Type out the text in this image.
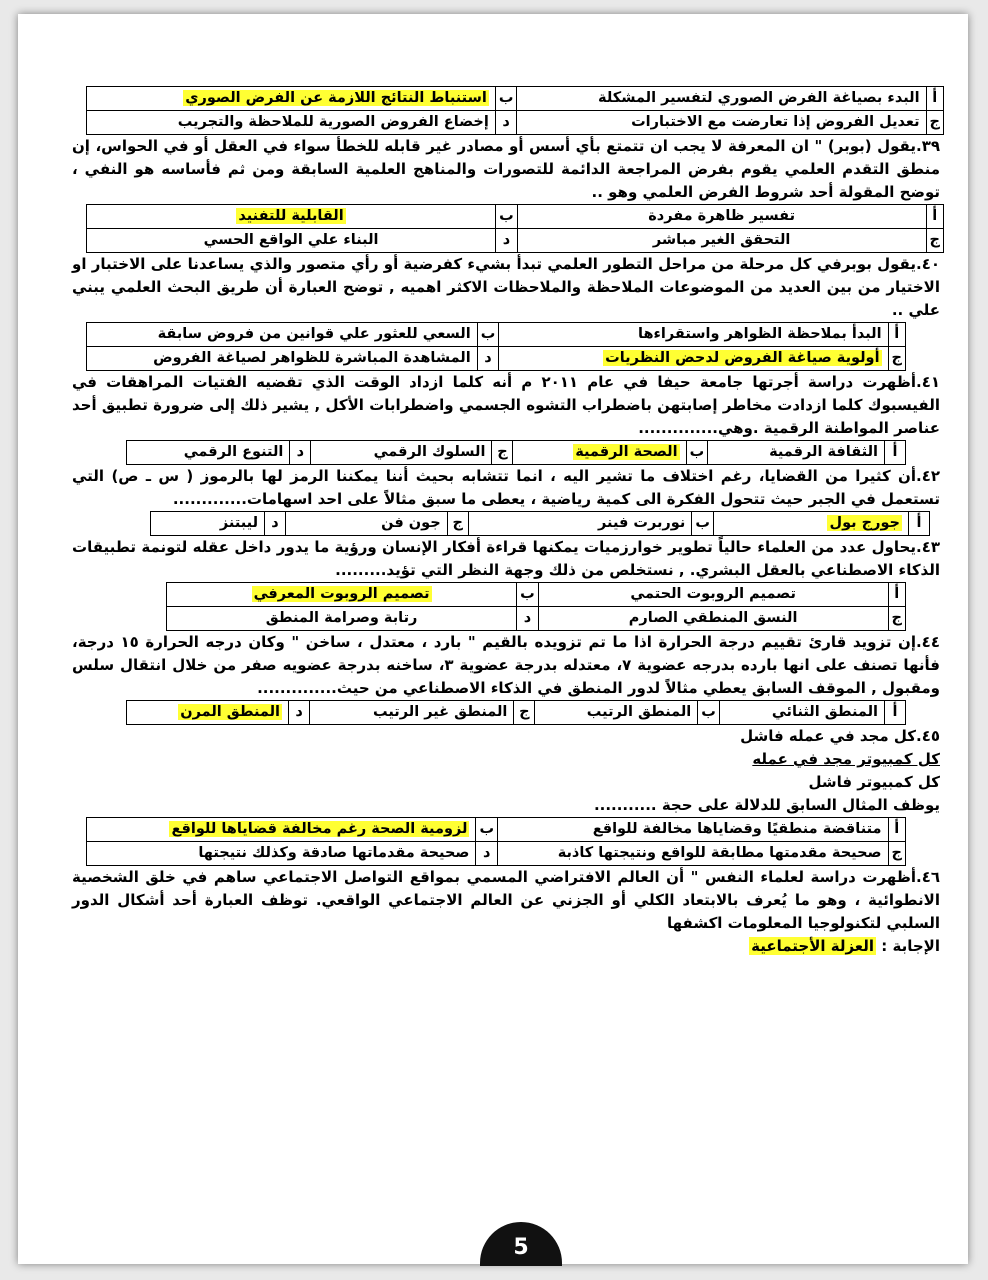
أ	البدء بصياغة الفرض الصوري لتفسير المشكلة	ب	استنباط النتائج اللازمة عن الفرض الصوري
ج	تعديل الفروض إذا تعارضت مع الاختبارات	د	إخضاع الفروض الصورية للملاحظة والتجريب
٣٩.يقول (بوبر) " ان المعرفة لا يجب ان تتمتع بأي أسس أو مصادر غير قابله للخطأ سواء في العقل أو في الحواس، إن منطق التقدم العلمي يقوم بفرض المراجعة الدائمة للتصورات والمناهج العلمية السابقة ومن ثم فأساسه هو النفي ، توضح المقولة أحد شروط الفرض العلمي وهو ..
أ	تفسير ظاهرة مفردة	ب	القابلية للتفنيد
ج	التحقق الغير مباشر	د	البناء علي الواقع الحسي
٤٠.يقول بوبرفي كل مرحلة من مراحل التطور العلمي تبدأ بشيء كفرضية أو رأي متصور والذي يساعدنا على الاختبار او الاختيار من بين العديد من الموضوعات الملاحظة والملاحظات الاكثر اهميه , توضح العبارة أن طريق البحث العلمي يبني علي ..
أ	البدأ بملاحظة الظواهر واستقراءها	ب	السعي للعثور علي قوانين من فروض سابقة
ج	أولوية صياغة الفروض لدحض النظريات	د	المشاهدة المباشرة للظواهر لصياغة الفروض
٤١.أظهرت دراسة أجرتها جامعة حيفا في عام ٢٠١١ م أنه كلما ازداد الوقت الذي تقضيه الفتيات المراهقات في الفيسبوك كلما ازدادت مخاطر إصابتهن باضطراب التشوه الجسمي واضطرابات الأكل , يشير ذلك إلى ضرورة تطبيق أحد عناصر المواطنة الرقمية .وهي..............
أ	الثقافة الرقمية	ب	الصحة الرقمية	ج	السلوك الرقمي	د	التنوع الرقمي
٤٢.أن كثيرا من القضايا، رغم اختلاف ما تشير اليه ، انما تتشابه بحيث أننا يمكننا الرمز لها بالرموز ( س ـ ص) التي تستعمل في الجبر حيث تتحول الفكرة الى كمية رياضية ، يعطى ما سبق مثالاً على احد اسهامات.............
أ	جورج بول	ب	نوربرت فينر	ج	جون فن	د	ليبتنز
٤٣.يحاول عدد من العلماء حالياً تطوير خوارزميات يمكنها قراءة أفكار الإنسان ورؤية ما يدور داخل عقله لتونمة تطبيقات الذكاء الاصطناعي بالعقل البشري. , نستخلص من ذلك وجهة النظر التي تؤيد.........
أ	تصميم الروبوت الحتمي	ب	تصميم الروبوت المعرفي
ج	النسق المنطقي الصارم	د	رتابة وصرامة المنطق
٤٤.إن تزويد قارئ تقييم درجة الحرارة اذا ما تم تزويده بالقيم " بارد ، معتدل ، ساخن " وكان درجه الحرارة ١٥ درجة، فأنها تصنف على انها بارده بدرجه عضوية ٧، معتدله بدرجة عضوية ٣، ساخنه بدرجة عضويه صفر من خلال انتقال سلس ومقبول , الموقف السابق يعطي مثالاً لدور المنطق في الذكاء الاصطناعي من حيث..............
أ	المنطق الثنائي	ب	المنطق الرتيب	ج	المنطق غير الرتيب	د	المنطق المرن
٤٥.كل مجد في عمله فاشل
كل كمبيوتر مجد في عمله
كل كمبيوتر فاشل
يوظف المثال السابق للدلالة على حجة ...........
أ	متناقضة منطقيًا وقضاياها مخالفة للواقع	ب	لزومية الصحة رغم مخالفة قضاياها للواقع
ج	صحيحة مقدمتها مطابقة للواقع ونتيجتها كاذبة	د	صحيحة مقدماتها صادقة وكذلك نتيجتها
٤٦.أظهرت دراسة لعلماء النفس " أن العالم الافتراضي المسمي بمواقع التواصل الاجتماعي ساهم في خلق الشخصية الانطوائية ، وهو ما يُعرف بالابتعاد الكلي أو الجزني عن العالم الاجتماعي الواقعي. توظف العبارة أحد أشكال الدور السلبي لتكنولوجيا المعلومات اكشفها
الإجابة : العزلة الأجتماعية
5
